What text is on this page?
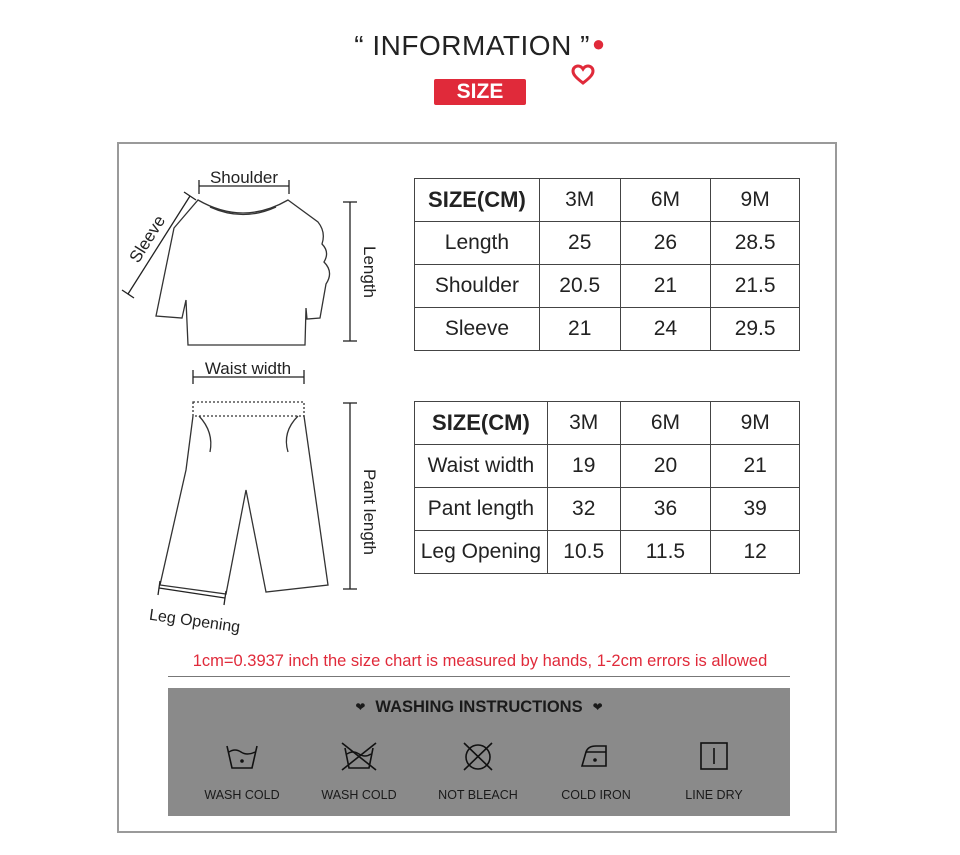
“ INFORMATION ”●
SIZE
Shoulder
Sleeve
Length
Waist width
Pant length
Leg Opening
SIZE(CM)	3M	6M	9M
Length	25	26	28.5
Shoulder	20.5	21	21.5
Sleeve	21	24	29.5
SIZE(CM)	3M	6M	9M
Waist width	19	20	21
Pant length	32	36	39
Leg Opening	10.5	11.5	12
1cm=0.3937 inch the size chart is measured by hands, 1-2cm errors is allowed
❤ WASHING INSTRUCTIONS ❤
WASH COLD	WASH COLD	NOT BLEACH	COLD IRON	LINE DRY
